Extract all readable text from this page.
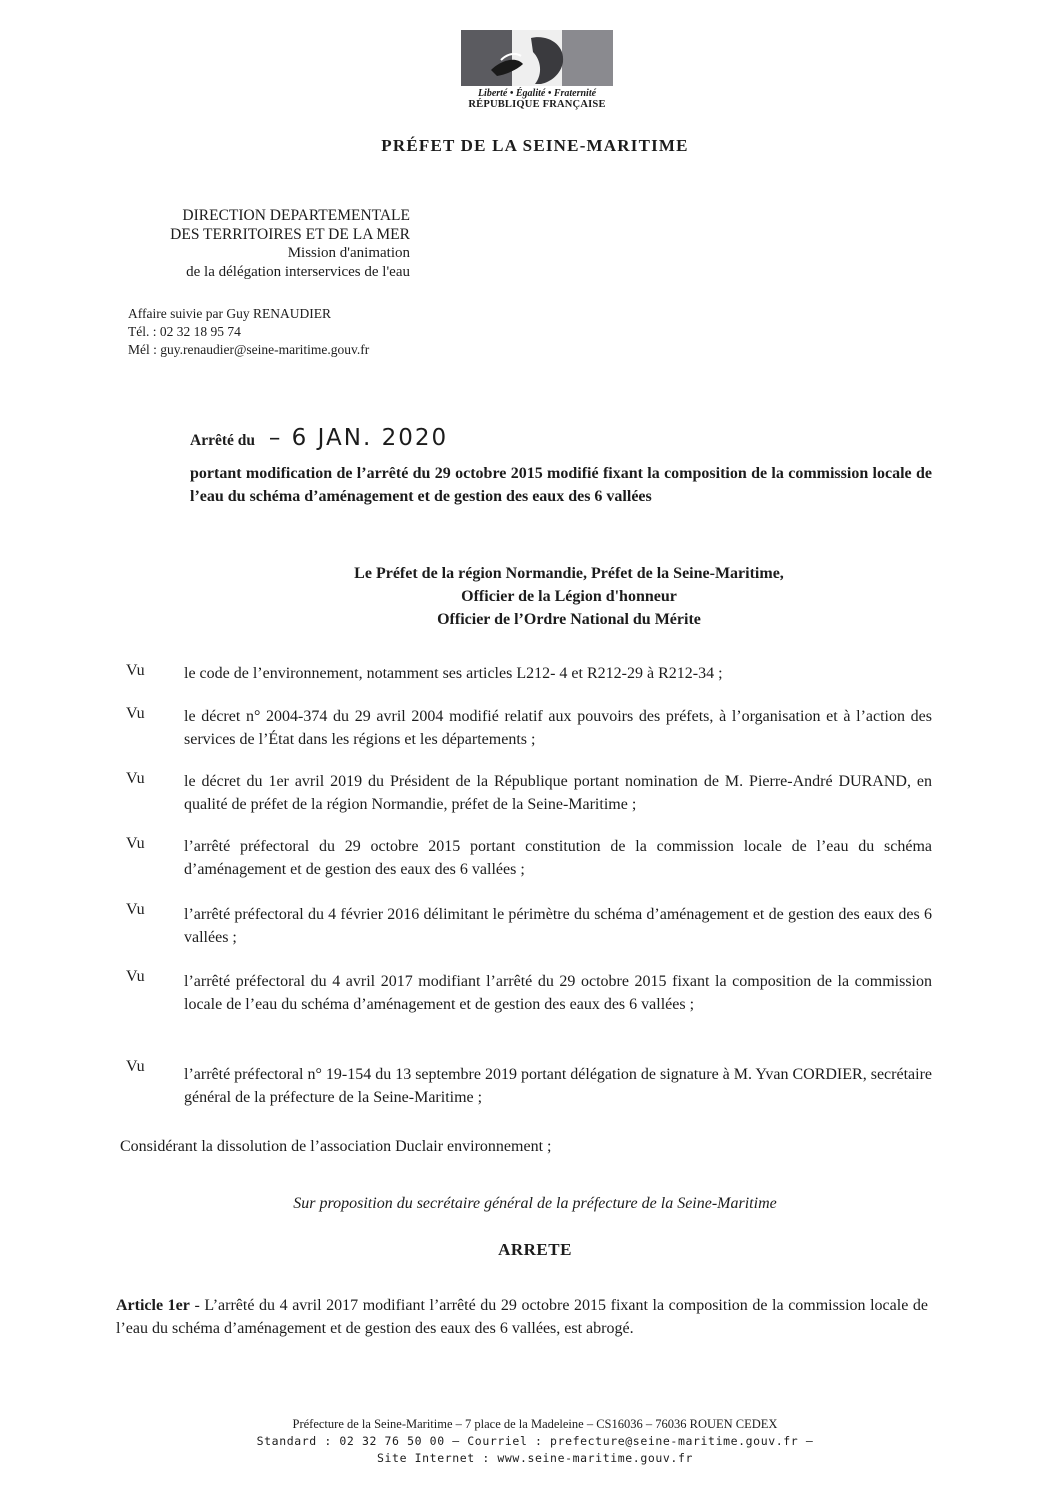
Liberté • Égalité • Fraternité
RÉPUBLIQUE FRANÇAISE
PRÉFET DE LA SEINE-MARITIME
DIRECTION DEPARTEMENTALE
DES TERRITOIRES ET DE LA MER
Mission d'animation
de la délégation interservices de l'eau
Affaire suivie par Guy RENAUDIER
Tél. : 02 32 18 95 74
Mél : guy.renaudier@seine-maritime.gouv.fr
Arrêté du – 6 JAN. 2020
portant modification de l’arrêté du 29 octobre 2015 modifié fixant la composition de la commission locale de l’eau du schéma d’aménagement et de gestion des eaux des 6 vallées
Le Préfet de la région Normandie, Préfet de la Seine-Maritime,
Officier de la Légion d'honneur
Officier de l’Ordre National du Mérite
Vu	le code de l’environnement, notamment ses articles L212- 4 et R212-29 à R212-34 ;
Vu	le décret n° 2004-374 du 29 avril 2004 modifié relatif aux pouvoirs des préfets, à l’organisation et à l’action des services de l’État dans les régions et les départements ;
Vu	le décret du 1er avril 2019 du Président de la République portant nomination de M. Pierre-André DURAND, en qualité de préfet de la région Normandie, préfet de la Seine-Maritime ;
Vu	l’arrêté préfectoral du 29 octobre 2015 portant constitution de la commission locale de l’eau du schéma d’aménagement et de gestion des eaux des 6 vallées ;
Vu	l’arrêté préfectoral du 4 février 2016 délimitant le périmètre du schéma d’aménagement et de gestion des eaux des 6 vallées ;
Vu	l’arrêté préfectoral du 4 avril 2017 modifiant l’arrêté du 29 octobre 2015 fixant la composition de la commission locale de l’eau du schéma d’aménagement et de gestion des eaux des 6 vallées ;
Vu	l’arrêté préfectoral n° 19-154 du 13 septembre 2019 portant délégation de signature à M. Yvan CORDIER, secrétaire général de la préfecture de la Seine-Maritime ;
Considérant la dissolution de l’association Duclair environnement ;
Sur proposition du secrétaire général de la préfecture de la Seine-Maritime
ARRETE
Article 1er - L’arrêté du 4 avril 2017 modifiant l’arrêté du 29 octobre 2015 fixant la composition de la commission locale de l’eau du schéma d’aménagement et de gestion des eaux des 6 vallées, est abrogé.
Préfecture de la Seine-Maritime – 7 place de la Madeleine – CS16036 – 76036 ROUEN CEDEX
Standard : 02 32 76 50 00 – Courriel : prefecture@seine-maritime.gouv.fr –
Site Internet : www.seine-maritime.gouv.fr
